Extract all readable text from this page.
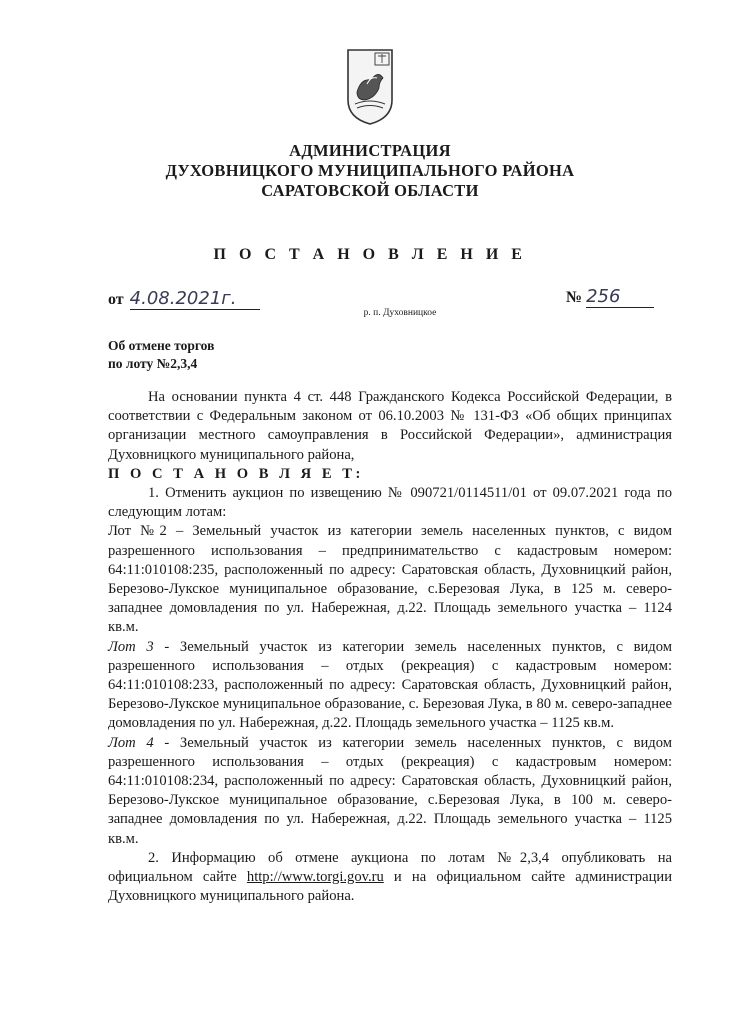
АДМИНИСТРАЦИЯ
ДУХОВНИЦКОГО МУНИЦИПАЛЬНОГО РАЙОНА
САРАТОВСКОЙ ОБЛАСТИ
П О С Т А Н О В Л Е Н И Е
от 4.08.2021г.	№ 256
р. п. Духовницкое
Об отмене торгов
по лоту №2,3,4

На основании пункта 4 ст. 448 Гражданского Кодекса Российской Федерации, в соответствии с Федеральным законом от 06.10.2003 № 131-ФЗ «Об общих принципах организации местного самоуправления в Российской Федерации», администрация Духовницкого муниципального района,

П О С Т А Н О В Л Я Е Т:

1. Отменить аукцион по извещению № 090721/0114511/01 от 09.07.2021 года по следующим лотам:

Лот №2 – Земельный участок из категории земель населенных пунктов, с видом разрешенного использования – предпринимательство с кадастровым номером: 64:11:010108:235, расположенный по адресу: Саратовская область, Духовницкий район, Березово-Лукское муниципальное образование, с.Березовая Лука, в 125 м. северо-западнее домовладения по ул. Набережная, д.22. Площадь земельного участка – 1124 кв.м.

Лот 3 - Земельный участок из категории земель населенных пунктов, с видом разрешенного использования – отдых (рекреация) с кадастровым номером: 64:11:010108:233, расположенный по адресу: Саратовская область, Духовницкий район, Березово-Лукское муниципальное образование, с. Березовая Лука, в 80 м. северо-западнее домовладения по ул. Набережная, д.22. Площадь земельного участка – 1125 кв.м.

Лот 4 - Земельный участок из категории земель населенных пунктов, с видом разрешенного использования – отдых (рекреация) с кадастровым номером: 64:11:010108:234, расположенный по адресу: Саратовская область, Духовницкий район, Березово-Лукское муниципальное образование, с.Березовая Лука, в 100 м. северо-западнее домовладения по ул. Набережная, д.22. Площадь земельного участка – 1125 кв.м.

2. Информацию об отмене аукциона по лотам №2,3,4 опубликовать на официальном сайте http://www.torgi.gov.ru и на официальном сайте администрации Духовницкого муниципального района.
